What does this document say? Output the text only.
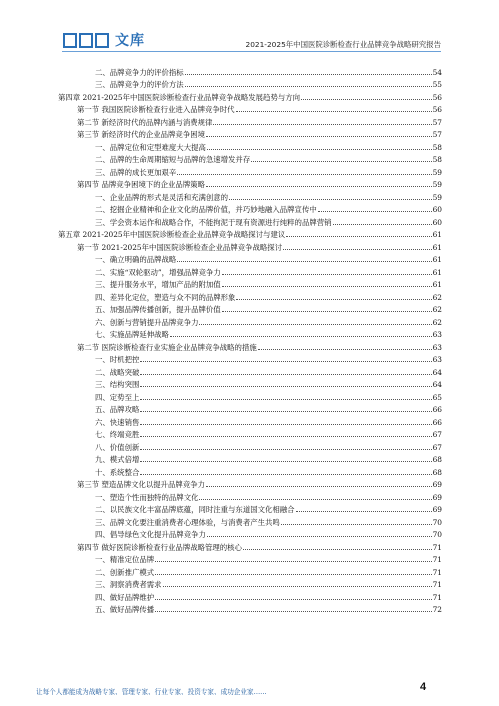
文库	2021-2025年中国医院诊断检查行业品牌竞争战略研究报告
二、品牌竞争力的评价指标	54
三、品牌竞争力的评价方法	55
第四章 2021-2025年中国医院诊断检查行业品牌竞争战略发展趋势与方向	56
第一节 我国医院诊断检查行业进入品牌竞争时代	56
第二节 新经济时代的品牌内涵与消费规律	57
第三节 新经济时代的企业品牌竞争困境	57
一、品牌定位和定型难度大大提高	58
二、品牌的生命周期缩短与品牌的急速增发并存	58
三、品牌的成长更加艰辛	59
第四节 品牌竞争困境下的企业品牌策略	59
一、企业品牌的形式是灵活和充满创意的	59
二、挖掘企业精神和企业文化的品牌价值，并巧妙地融入品牌宣传中	60
三、学会资本运作和战略合作，不能拘泥于现有资源进行纯粹的品牌营销	60
第五章 2021-2025年中国医院诊断检查企业品牌竞争战略探讨与建议	61
第一节 2021-2025年中国医院诊断检查企业品牌竞争战略探讨	61
一、确立明确的品牌战略	61
二、实施“双轮驱动”，增强品牌竞争力	61
三、提升服务水平，增加产品的附加值	61
四、差异化定位，塑造与众不同的品牌形象	62
五、加强品牌传播创新，提升品牌价值	62
六、创新与营销提升品牌竞争力	62
七、实施品牌延伸战略	63
第二节 医院诊断检查行业实施企业品牌竞争战略的措施	63
一、时机把控	63
二、战略突破	64
三、结构突围	64
四、定势至上	65
五、品牌攻略	66
六、快速销售	66
七、终端竞胜	67
八、价值创新	67
九、模式倍增	68
十、系统整合	68
第三节 塑造品牌文化以提升品牌竞争力	69
一、塑造个性而独特的品牌文化	69
二、以民族文化丰富品牌底蕴，同时注重与东道国文化相融合	69
三、品牌文化要注重消费者心理体验，与消费者产生共鸣	70
四、倡导绿色文化提升品牌竞争力	70
第四节 做好医院诊断检查行业品牌战略管理的核心	71
一、精准定位品牌	71
二、创新推广模式	71
三、洞察消费者需求	71
四、做好品牌维护	71
五、做好品牌传播	72
让每个人都能成为战略专家、管理专家、行业专家、投资专家、成功企业家……	4
